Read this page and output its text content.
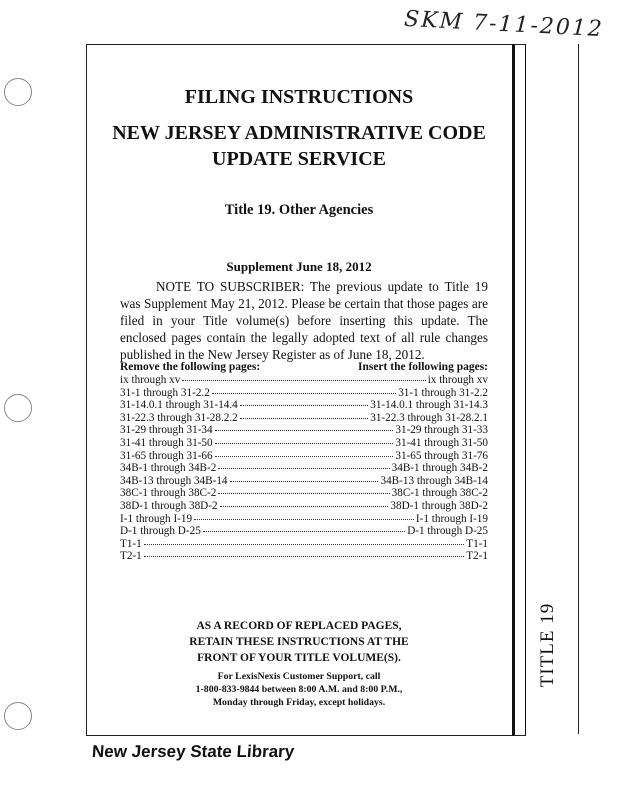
SKM 7-11-2012
TITLE 19
FILING INSTRUCTIONS
NEW JERSEY ADMINISTRATIVE CODE
UPDATE SERVICE
Title 19. Other Agencies
Supplement June 18, 2012
NOTE TO SUBSCRIBER: The previous update to Title 19 was Supplement May 21, 2012. Please be certain that those pages are filed in your Title volume(s) before inserting this update. The enclosed pages contain the legally adopted text of all rule changes published in the New Jersey Register as of June 18, 2012.
Remove the following pages:	Insert the following pages:
ix through xv	ix through xv
31-1 through 31-2.2	31-1 through 31-2.2
31-14.0.1 through 31-14.4	31-14.0.1 through 31-14.3
31-22.3 through 31-28.2.2	31-22.3 through 31-28.2.1
31-29 through 31-34	31-29 through 31-33
31-41 through 31-50	31-41 through 31-50
31-65 through 31-66	31-65 through 31-76
34B-1 through 34B-2	34B-1 through 34B-2
34B-13 through 34B-14	34B-13 through 34B-14
38C-1 through 38C-2	38C-1 through 38C-2
38D-1 through 38D-2	38D-1 through 38D-2
I-1 through I-19	I-1 through I-19
D-1 through D-25	D-1 through D-25
T1-1	T1-1
T2-1	T2-1
AS A RECORD OF REPLACED PAGES,
RETAIN THESE INSTRUCTIONS AT THE
FRONT OF YOUR TITLE VOLUME(S).
For LexisNexis Customer Support, call
1-800-833-9844 between 8:00 A.M. and 8:00 P.M.,
Monday through Friday, except holidays.
New Jersey State Library
